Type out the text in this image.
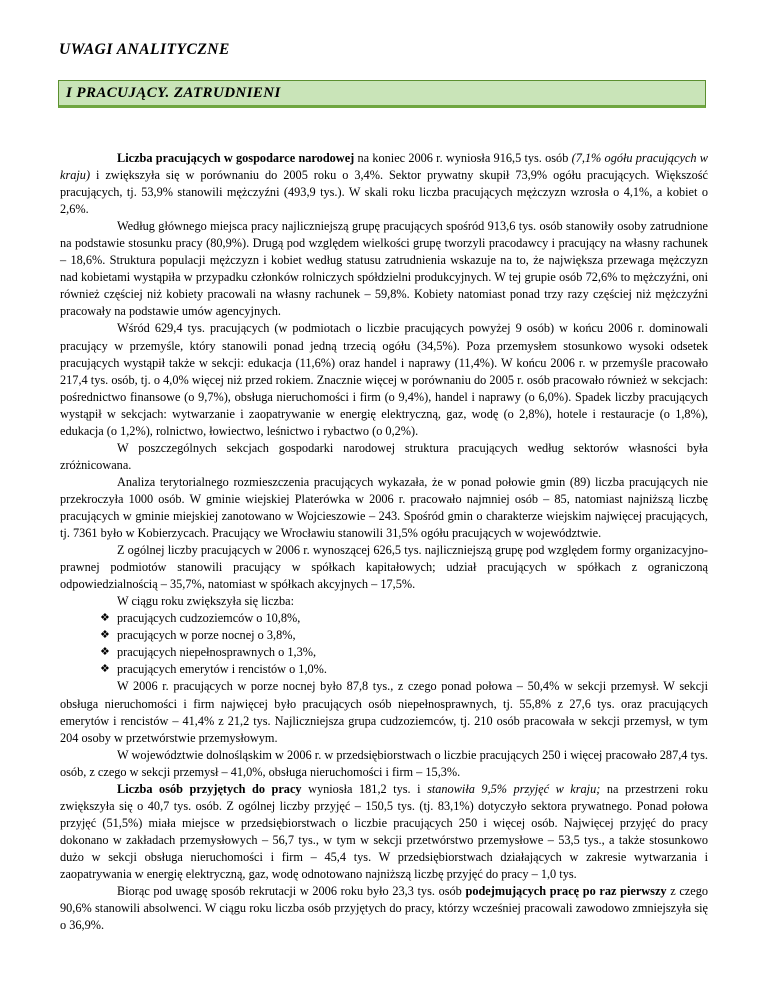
UWAGI ANALITYCZNE
I PRACUJĄCY. ZATRUDNIENI

Liczba pracujących w gospodarce narodowej na koniec 2006 r. wyniosła 916,5 tys. osób (7,1% ogółu pracujących w kraju) i zwiększyła się w porównaniu do 2005 roku o 3,4%. Sektor prywatny skupił 73,9% ogółu pracujących. Większość pracujących, tj. 53,9% stanowili mężczyźni (493,9 tys.). W skali roku liczba pracujących mężczyzn wzrosła o 4,1%, a kobiet o 2,6%.

Według głównego miejsca pracy najliczniejszą grupę pracujących spośród 913,6 tys. osób stanowiły osoby zatrudnione na podstawie stosunku pracy (80,9%). Drugą pod względem wielkości grupę tworzyli pracodawcy i pracujący na własny rachunek – 18,6%. Struktura populacji mężczyzn i kobiet według statusu zatrudnienia wskazuje na to, że największa przewaga mężczyzn nad kobietami wystąpiła w przypadku członków rolniczych spółdzielni produkcyjnych. W tej grupie osób 72,6% to mężczyźni, oni również częściej niż kobiety pracowali na własny rachunek – 59,8%. Kobiety natomiast ponad trzy razy częściej niż mężczyźni pracowały na podstawie umów agencyjnych.

Wśród 629,4 tys. pracujących (w podmiotach o liczbie pracujących powyżej 9 osób) w końcu 2006 r. dominowali pracujący w przemyśle, który stanowili ponad jedną trzecią ogółu (34,5%). Poza przemysłem stosunkowo wysoki odsetek pracujących wystąpił także w sekcji: edukacja (11,6%) oraz handel i naprawy (11,4%). W końcu 2006 r. w przemyśle pracowało 217,4 tys. osób, tj. o 4,0% więcej niż przed rokiem. Znacznie więcej w porównaniu do 2005 r. osób pracowało również w sekcjach: pośrednictwo finansowe (o 9,7%), obsługa nieruchomości i firm (o 9,4%), handel i naprawy (o 6,0%). Spadek liczby pracujących wystąpił w sekcjach: wytwarzanie i zaopatrywanie w energię elektryczną, gaz, wodę (o 2,8%), hotele i restauracje (o 1,8%), edukacja (o 1,2%), rolnictwo, łowiectwo, leśnictwo i rybactwo (o 0,2%).

W poszczególnych sekcjach gospodarki narodowej struktura pracujących według sektorów własności była zróżnicowana.

Analiza terytorialnego rozmieszczenia pracujących wykazała, że w ponad połowie gmin (89) liczba pracujących nie przekroczyła 1000 osób. W gminie wiejskiej Platerówka w 2006 r. pracowało najmniej osób – 85, natomiast najniższą liczbę pracujących w gminie miejskiej zanotowano w Wojcieszowie – 243. Spośród gmin o charakterze wiejskim najwięcej pracujących, tj. 7361 było w Kobierzycach. Pracujący we Wrocławiu stanowili 31,5% ogółu pracujących w województwie.

Z ogólnej liczby pracujących w 2006 r. wynoszącej 626,5 tys. najliczniejszą grupę pod względem formy organizacyjno-prawnej podmiotów stanowili pracujący w spółkach kapitałowych; udział pracujących w spółkach z ograniczoną odpowiedzialnością – 35,7%, natomiast w spółkach akcyjnych – 17,5%.

W ciągu roku zwiększyła się liczba:

❖ pracujących cudzoziemców o 10,8%,
❖ pracujących w porze nocnej o 3,8%,
❖ pracujących niepełnosprawnych o 1,3%,
❖ pracujących emerytów i rencistów o 1,0%.

W 2006 r. pracujących w porze nocnej było 87,8 tys., z czego ponad połowa – 50,4% w sekcji przemysł. W sekcji obsługa nieruchomości i firm najwięcej było pracujących osób niepełnosprawnych, tj. 55,8% z 27,6 tys. oraz pracujących emerytów i rencistów – 41,4% z 21,2 tys. Najliczniejsza grupa cudzoziemców, tj. 210 osób pracowała w sekcji przemysł, w tym 204 osoby w przetwórstwie przemysłowym.

W województwie dolnośląskim w 2006 r. w przedsiębiorstwach o liczbie pracujących 250 i więcej pracowało 287,4 tys. osób, z czego w sekcji przemysł – 41,0%, obsługa nieruchomości i firm – 15,3%.

Liczba osób przyjętych do pracy wyniosła 181,2 tys. i stanowiła 9,5% przyjęć w kraju; na przestrzeni roku zwiększyła się o 40,7 tys. osób. Z ogólnej liczby przyjęć – 150,5 tys. (tj. 83,1%) dotyczyło sektora prywatnego. Ponad połowa przyjęć (51,5%) miała miejsce w przedsiębiorstwach o liczbie pracujących 250 i więcej osób. Najwięcej przyjęć do pracy dokonano w zakładach przemysłowych – 56,7 tys., w tym w sekcji przetwórstwo przemysłowe – 53,5 tys., a także stosunkowo dużo w sekcji obsługa nieruchomości i firm – 45,4 tys. W przedsiębiorstwach działających w zakresie wytwarzania i zaopatrywania w energię elektryczną, gaz, wodę odnotowano najniższą liczbę przyjęć do pracy – 1,0 tys.

Biorąc pod uwagę sposób rekrutacji w 2006 roku było 23,3 tys. osób podejmujących pracę po raz pierwszy z czego 90,6% stanowili absolwenci. W ciągu roku liczba osób przyjętych do pracy, którzy wcześniej pracowali zawodowo zmniejszyła się o 36,9%.
